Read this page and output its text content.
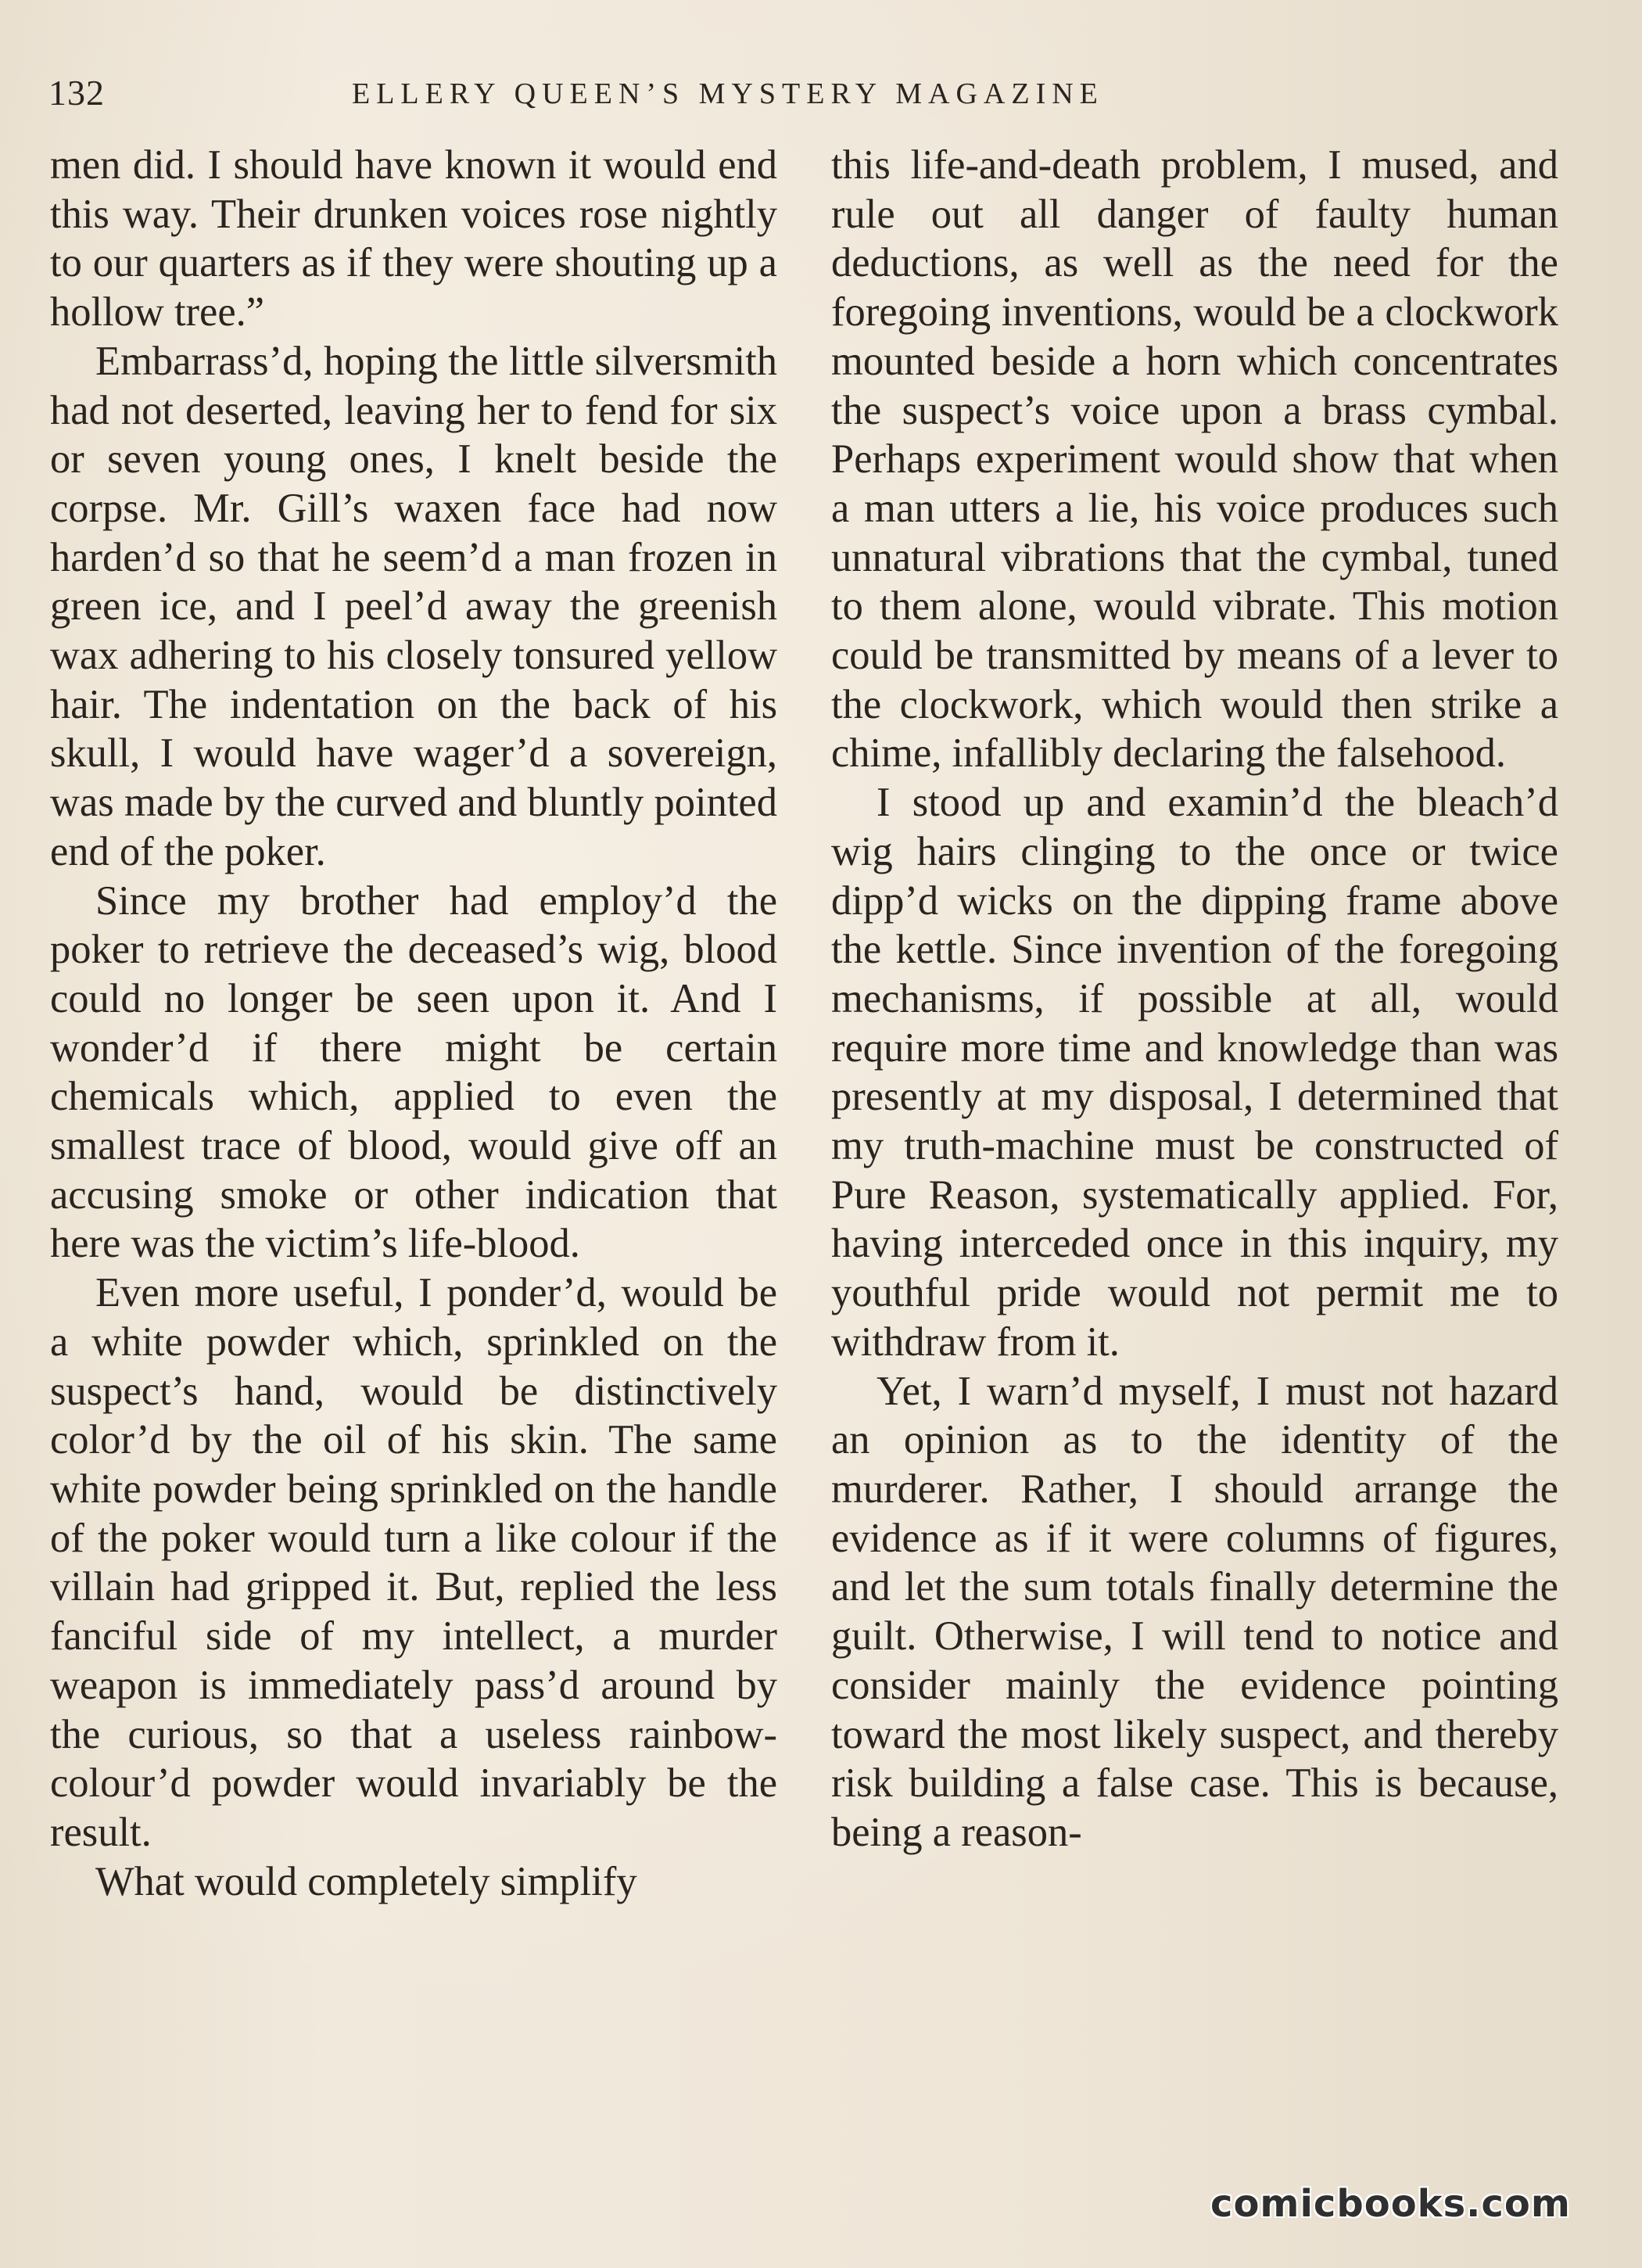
132	ELLERY QUEEN’S MYSTERY MAGAZINE

men did. I should have known it would end this way. Their drunken voices rose nightly to our quarters as if they were shouting up a hollow tree.”

Embarrass’d, hoping the little silversmith had not deserted, leaving her to fend for six or seven young ones, I knelt beside the corpse. Mr. Gill’s waxen face had now harden’d so that he seem’d a man frozen in green ice, and I peel’d away the greenish wax adhering to his closely tonsured yellow hair. The indentation on the back of his skull, I would have wager’d a sovereign, was made by the curved and bluntly pointed end of the poker.

Since my brother had employ’d the poker to retrieve the deceased’s wig, blood could no longer be seen upon it. And I wonder’d if there might be certain chemicals which, applied to even the smallest trace of blood, would give off an accusing smoke or other indication that here was the victim’s life-blood.

Even more useful, I ponder’d, would be a white powder which, sprinkled on the suspect’s hand, would be distinctively color’d by the oil of his skin. The same white powder being sprinkled on the handle of the poker would turn a like colour if the villain had gripped it. But, replied the less fanciful side of my intellect, a murder weapon is immediately pass’d around by the curious, so that a useless rainbow-colour’d powder would invariably be the result.

What would completely simplify

this life-and-death problem, I mused, and rule out all danger of faulty human deductions, as well as the need for the foregoing inventions, would be a clockwork mounted beside a horn which concentrates the suspect’s voice upon a brass cymbal. Perhaps experiment would show that when a man utters a lie, his voice produces such unnatural vibrations that the cymbal, tuned to them alone, would vibrate. This motion could be transmitted by means of a lever to the clockwork, which would then strike a chime, infallibly declaring the falsehood.

I stood up and examin’d the bleach’d wig hairs clinging to the once or twice dipp’d wicks on the dipping frame above the kettle. Since invention of the foregoing mechanisms, if possible at all, would require more time and knowledge than was presently at my disposal, I determined that my truth-machine must be constructed of Pure Reason, systematically applied. For, having interceded once in this inquiry, my youthful pride would not permit me to withdraw from it.

Yet, I warn’d myself, I must not hazard an opinion as to the identity of the murderer. Rather, I should arrange the evidence as if it were columns of figures, and let the sum totals finally determine the guilt. Otherwise, I will tend to notice and consider mainly the evidence pointing toward the most likely suspect, and thereby risk building a false case. This is because, being a reason-

comicbooks.com
